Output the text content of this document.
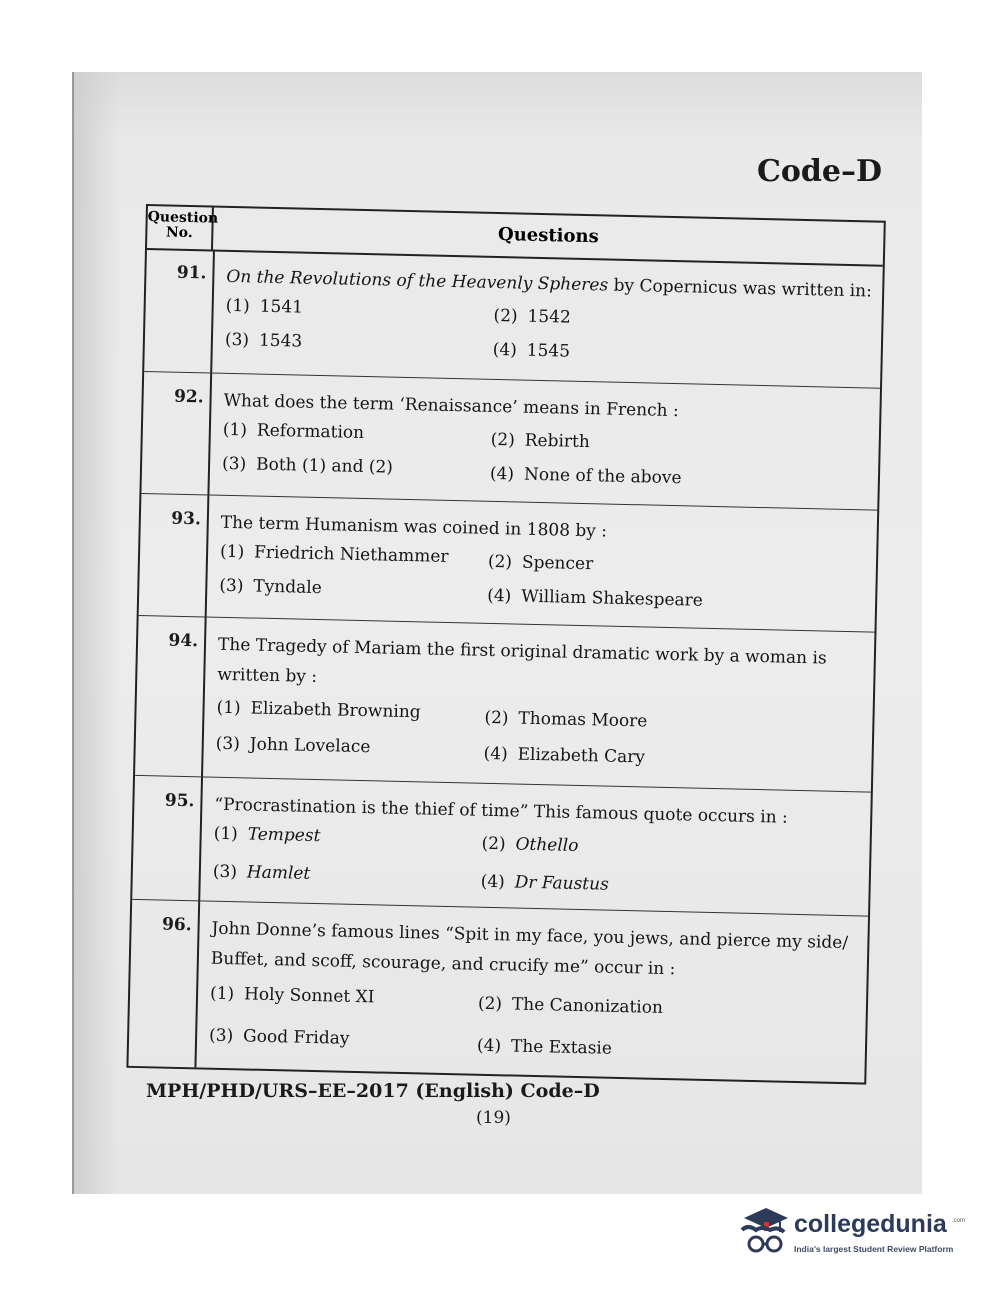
Code–D
Question No.	Questions
91. On the Revolutions of the Heavenly Spheres by Copernicus was written in:
(1) 1541	(2) 1542
(3) 1543	(4) 1545
92. What does the term ‘Renaissance’ means in French :
(1) Reformation	(2) Rebirth
(3) Both (1) and (2)	(4) None of the above
93. The term Humanism was coined in 1808 by :
(1) Friedrich Niethammer (2) Spencer
(3) Tyndale	(4) William Shakespeare
94. The Tragedy of Mariam the first original dramatic work by a woman is written by :
(1) Elizabeth Browning	(2) Thomas Moore
(3) John Lovelace	(4) Elizabeth Cary
95. “Procrastination is the thief of time” This famous quote occurs in :
(1) Tempest	(2) Othello
(3) Hamlet	(4) Dr Faustus
96. John Donne’s famous lines “Spit in my face, you jews, and pierce my side/ Buffet, and scoff, scourage, and crucify me” occur in :
(1) Holy Sonnet XI	(2) The Canonization
(3) Good Friday	(4) The Extasie
MPH/PHD/URS–EE–2017 (English) Code–D
(19)
collegedunia .com
India's largest Student Review Platform
